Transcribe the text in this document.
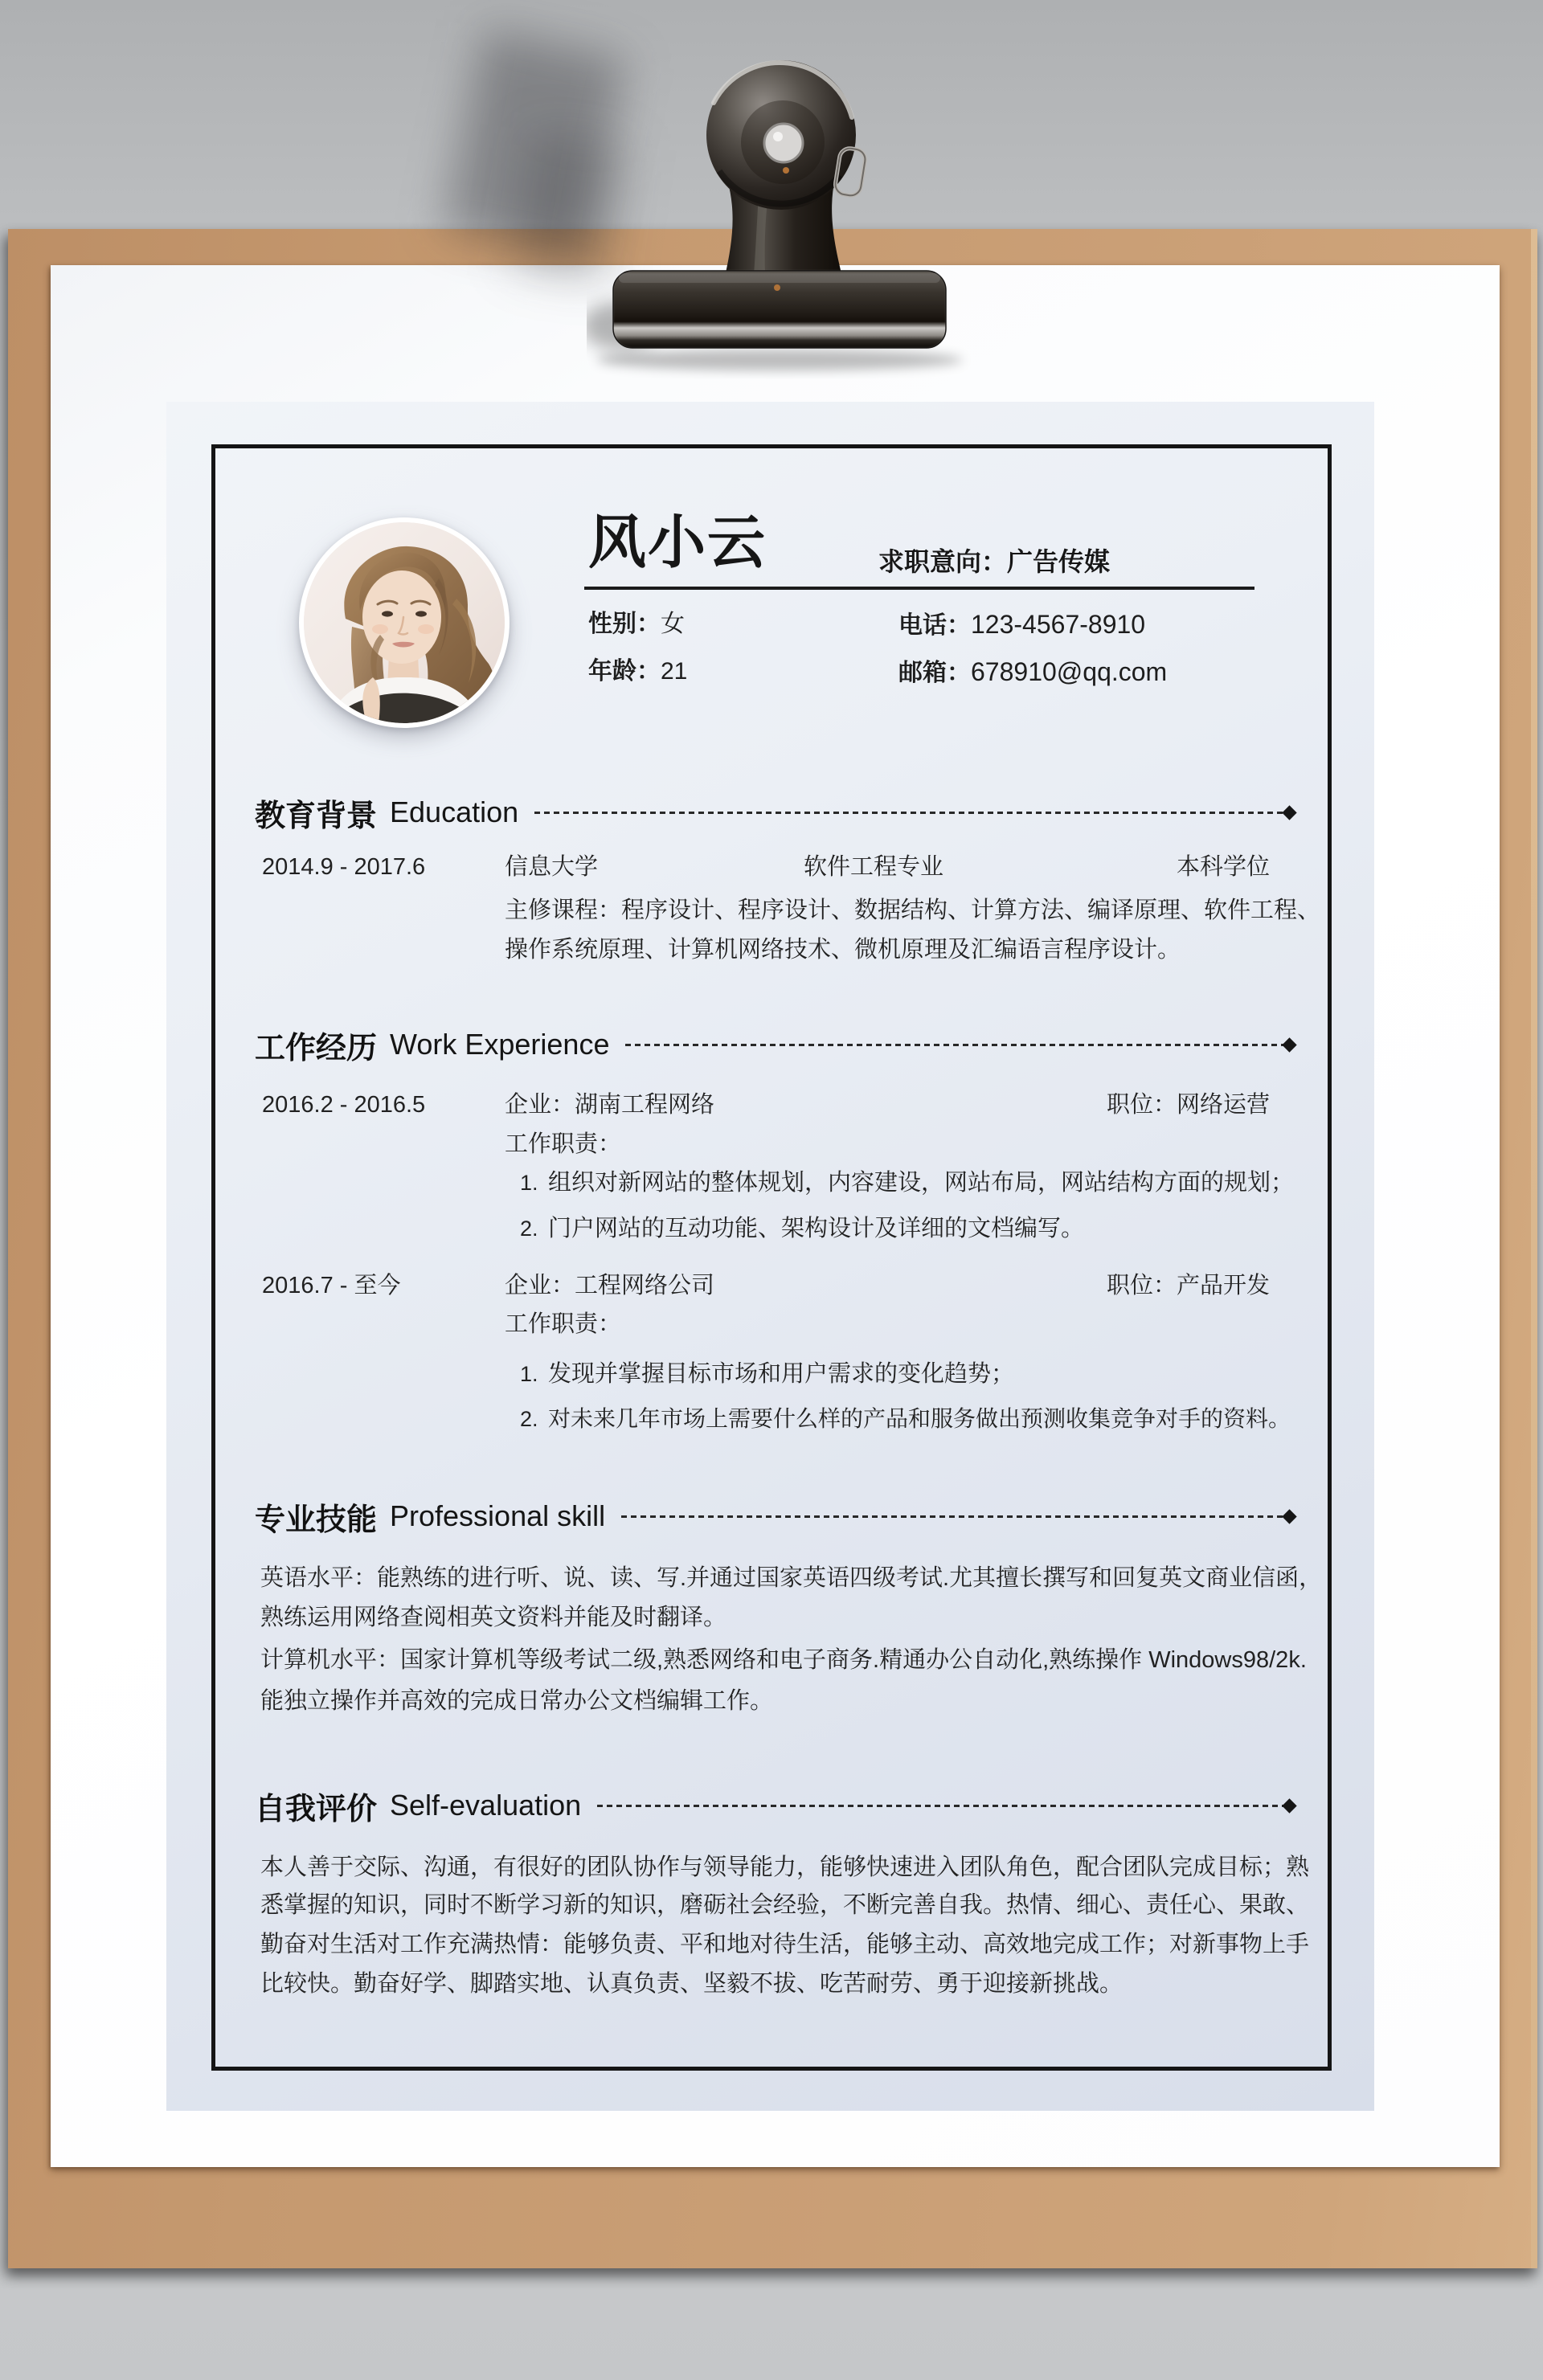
风小云	求职意向：广告传媒
性别：女	电话：123-4567-8910
年龄：21	邮箱：678910@qq.com
教育背景 Education
2014.9 - 2017.6	信息大学	软件工程专业	本科学位
主修课程：程序设计、程序设计、数据结构、计算方法、编译原理、软件工程、
操作系统原理、计算机网络技术、微机原理及汇编语言程序设计。
工作经历 Work Experience
2016.2 - 2016.5	企业：湖南工程网络	职位：网络运营
工作职责：
1. 组织对新网站的整体规划，内容建设，网站布局，网站结构方面的规划；
2. 门户网站的互动功能、架构设计及详细的文档编写。
2016.7 - 至今	企业：工程网络公司	职位：产品开发
工作职责：
1. 发现并掌握目标市场和用户需求的变化趋势；
2. 对未来几年市场上需要什么样的产品和服务做出预测收集竞争对手的资料。
专业技能 Professional skill
英语水平：能熟练的进行听、说、读、写.并通过国家英语四级考试.尤其擅长撰写和回复英文商业信函，
熟练运用网络查阅相英文资料并能及时翻译。
计算机水平：国家计算机等级考试二级,熟悉网络和电子商务.精通办公自动化,熟练操作 Windows98/2k.
能独立操作并高效的完成日常办公文档编辑工作。
自我评价 Self-evaluation
本人善于交际、沟通，有很好的团队协作与领导能力，能够快速进入团队角色，配合团队完成目标；熟
悉掌握的知识，同时不断学习新的知识，磨砺社会经验，不断完善自我。热情、细心、责任心、果敢、
勤奋对生活对工作充满热情：能够负责、平和地对待生活，能够主动、高效地完成工作；对新事物上手
比较快。勤奋好学、脚踏实地、认真负责、坚毅不拔、吃苦耐劳、勇于迎接新挑战。
